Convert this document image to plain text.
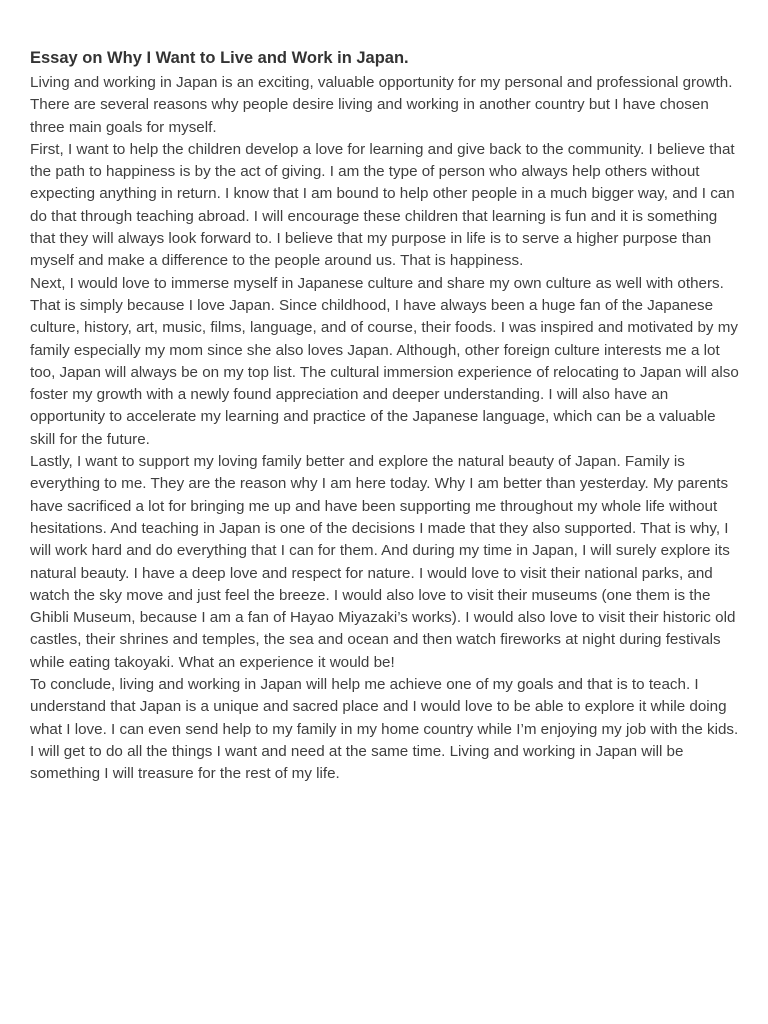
Essay on Why I Want to Live and Work in Japan.

Living and working in Japan is an exciting, valuable opportunity for my personal and professional growth. There are several reasons why people desire living and working in another country but I have chosen three main goals for myself.

First, I want to help the children develop a love for learning and give back to the community. I believe that the path to happiness is by the act of giving. I am the type of person who always help others without expecting anything in return. I know that I am bound to help other people in a much bigger way, and I can do that through teaching abroad. I will encourage these children that learning is fun and it is something that they will always look forward to. I believe that my purpose in life is to serve a higher purpose than myself and make a difference to the people around us. That is happiness.

Next, I would love to immerse myself in Japanese culture and share my own culture as well with others. That is simply because I love Japan. Since childhood, I have always been a huge fan of the Japanese culture, history, art, music, films, language, and of course, their foods. I was inspired and motivated by my family especially my mom since she also loves Japan. Although, other foreign culture interests me a lot too, Japan will always be on my top list. The cultural immersion experience of relocating to Japan will also foster my growth with a newly found appreciation and deeper understanding. I will also have an opportunity to accelerate my learning and practice of the Japanese language, which can be a valuable skill for the future.

Lastly, I want to support my loving family better and explore the natural beauty of Japan. Family is everything to me. They are the reason why I am here today. Why I am better than yesterday. My parents have sacrificed a lot for bringing me up and have been supporting me throughout my whole life without hesitations. And teaching in Japan is one of the decisions I made that they also supported. That is why, I will work hard and do everything that I can for them. And during my time in Japan, I will surely explore its natural beauty. I have a deep love and respect for nature. I would love to visit their national parks, and watch the sky move and just feel the breeze. I would also love to visit their museums (one them is the Ghibli Museum, because I am a fan of Hayao Miyazaki’s works). I would also love to visit their historic old castles, their shrines and temples, the sea and ocean and then watch fireworks at night during festivals while eating takoyaki. What an experience it would be!

To conclude, living and working in Japan will help me achieve one of my goals and that is to teach. I understand that Japan is a unique and sacred place and I would love to be able to explore it while doing what I love. I can even send help to my family in my home country while I’m enjoying my job with the kids. I will get to do all the things I want and need at the same time. Living and working in Japan will be something I will treasure for the rest of my life.
